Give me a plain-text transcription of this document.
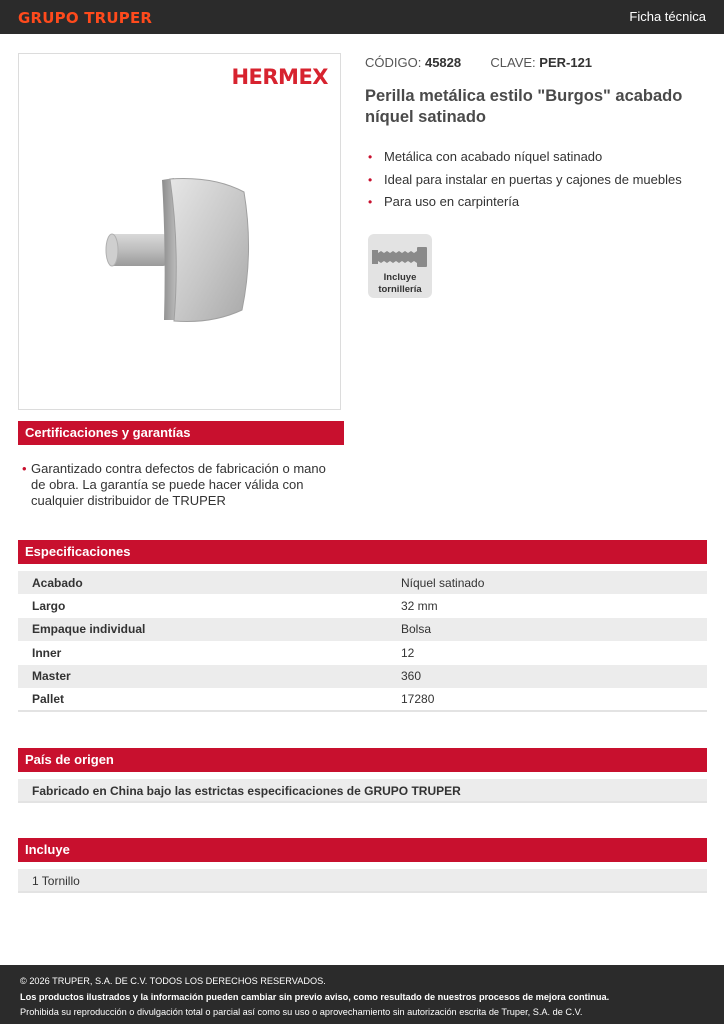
GRUPO TRUPER	Ficha técnica
HERMEX
CÓDIGO: 45828 CLAVE: PER-121
Perilla metálica estilo "Burgos" acabado níquel satinado
• Metálica con acabado níquel satinado
• Ideal para instalar en puertas y cajones de muebles
• Para uso en carpintería
Incluye
tornillería
Certificaciones y garantías
• Garantizado contra defectos de fabricación o mano de obra. La garantía se puede hacer válida con cualquier distribuidor de TRUPER
Especificaciones
Acabado	Níquel satinado
Largo	32 mm
Empaque individual	Bolsa
Inner	12
Master	360
Pallet	17280
País de origen
Fabricado en China bajo las estrictas especificaciones de GRUPO TRUPER
Incluye
1 Tornillo
© 2026 TRUPER, S.A. DE C.V. TODOS LOS DERECHOS RESERVADOS.
Los productos ilustrados y la información pueden cambiar sin previo aviso, como resultado de nuestros procesos de mejora continua.
Prohibida su reproducción o divulgación total o parcial así como su uso o aprovechamiento sin autorización escrita de Truper, S.A. de C.V.
